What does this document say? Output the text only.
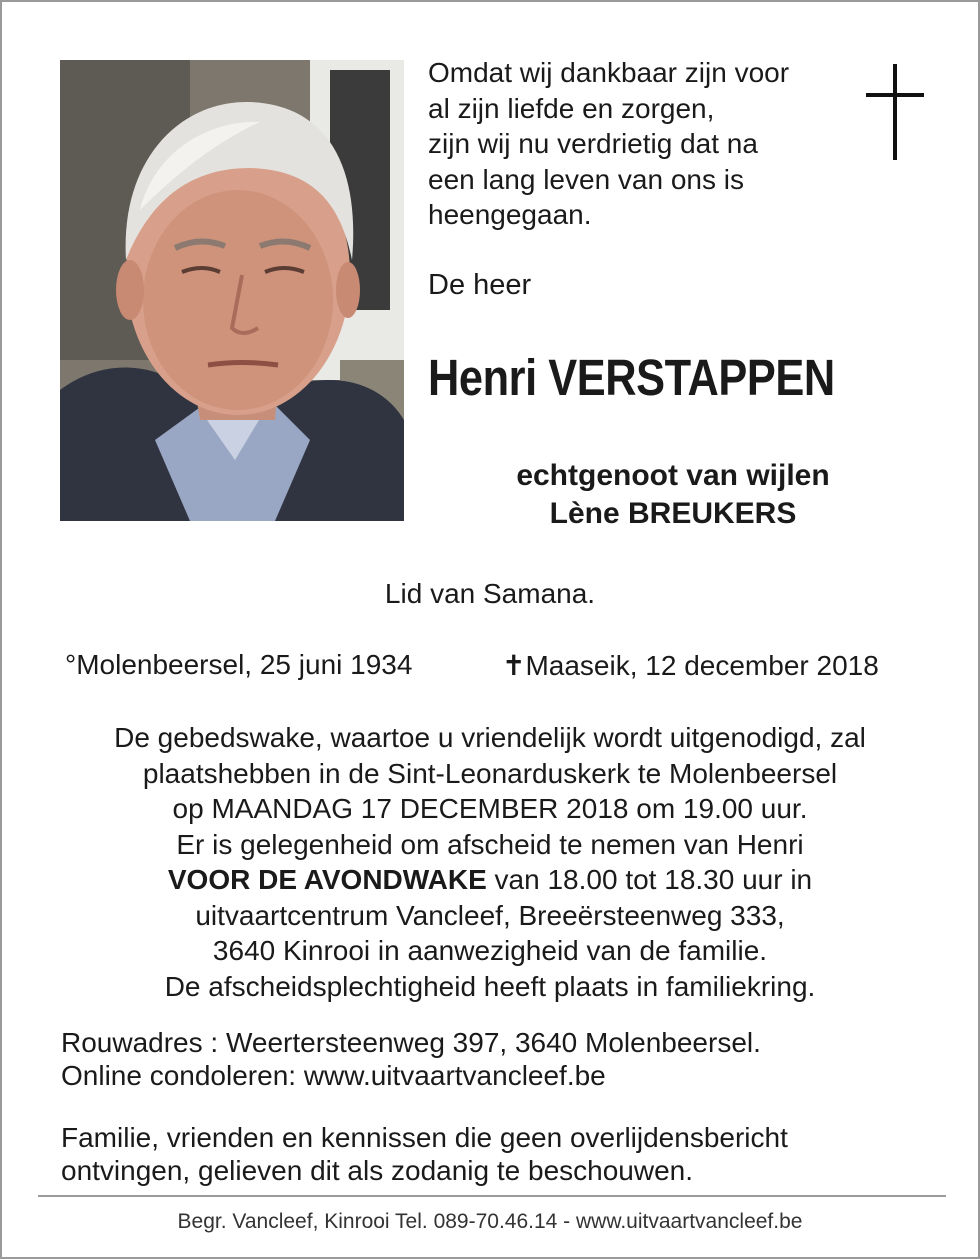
Omdat wij dankbaar zijn voor
al zijn liefde en zorgen,
zijn wij nu verdrietig dat na
een lang leven van ons is
heengegaan.
De heer
Henri VERSTAPPEN
echtgenoot van wijlen
Lène BREUKERS
Lid van Samana.
°Molenbeersel, 25 juni 1934	✝Maaseik, 12 december 2018
De gebedswake, waartoe u vriendelijk wordt uitgenodigd, zal
plaatshebben in de Sint-Leonarduskerk te Molenbeersel
op MAANDAG 17 DECEMBER 2018 om 19.00 uur.
Er is gelegenheid om afscheid te nemen van Henri
VOOR DE AVONDWAKE van 18.00 tot 18.30 uur in
uitvaartcentrum Vancleef, Breeërsteenweg 333,
3640 Kinrooi in aanwezigheid van de familie.
De afscheidsplechtigheid heeft plaats in familiekring.
Rouwadres : Weertersteenweg 397, 3640 Molenbeersel.
Online condoleren: www.uitvaartvancleef.be
Familie, vrienden en kennissen die geen overlijdensbericht
ontvingen, gelieven dit als zodanig te beschouwen.
Begr. Vancleef, Kinrooi Tel. 089-70.46.14 - www.uitvaartvancleef.be
